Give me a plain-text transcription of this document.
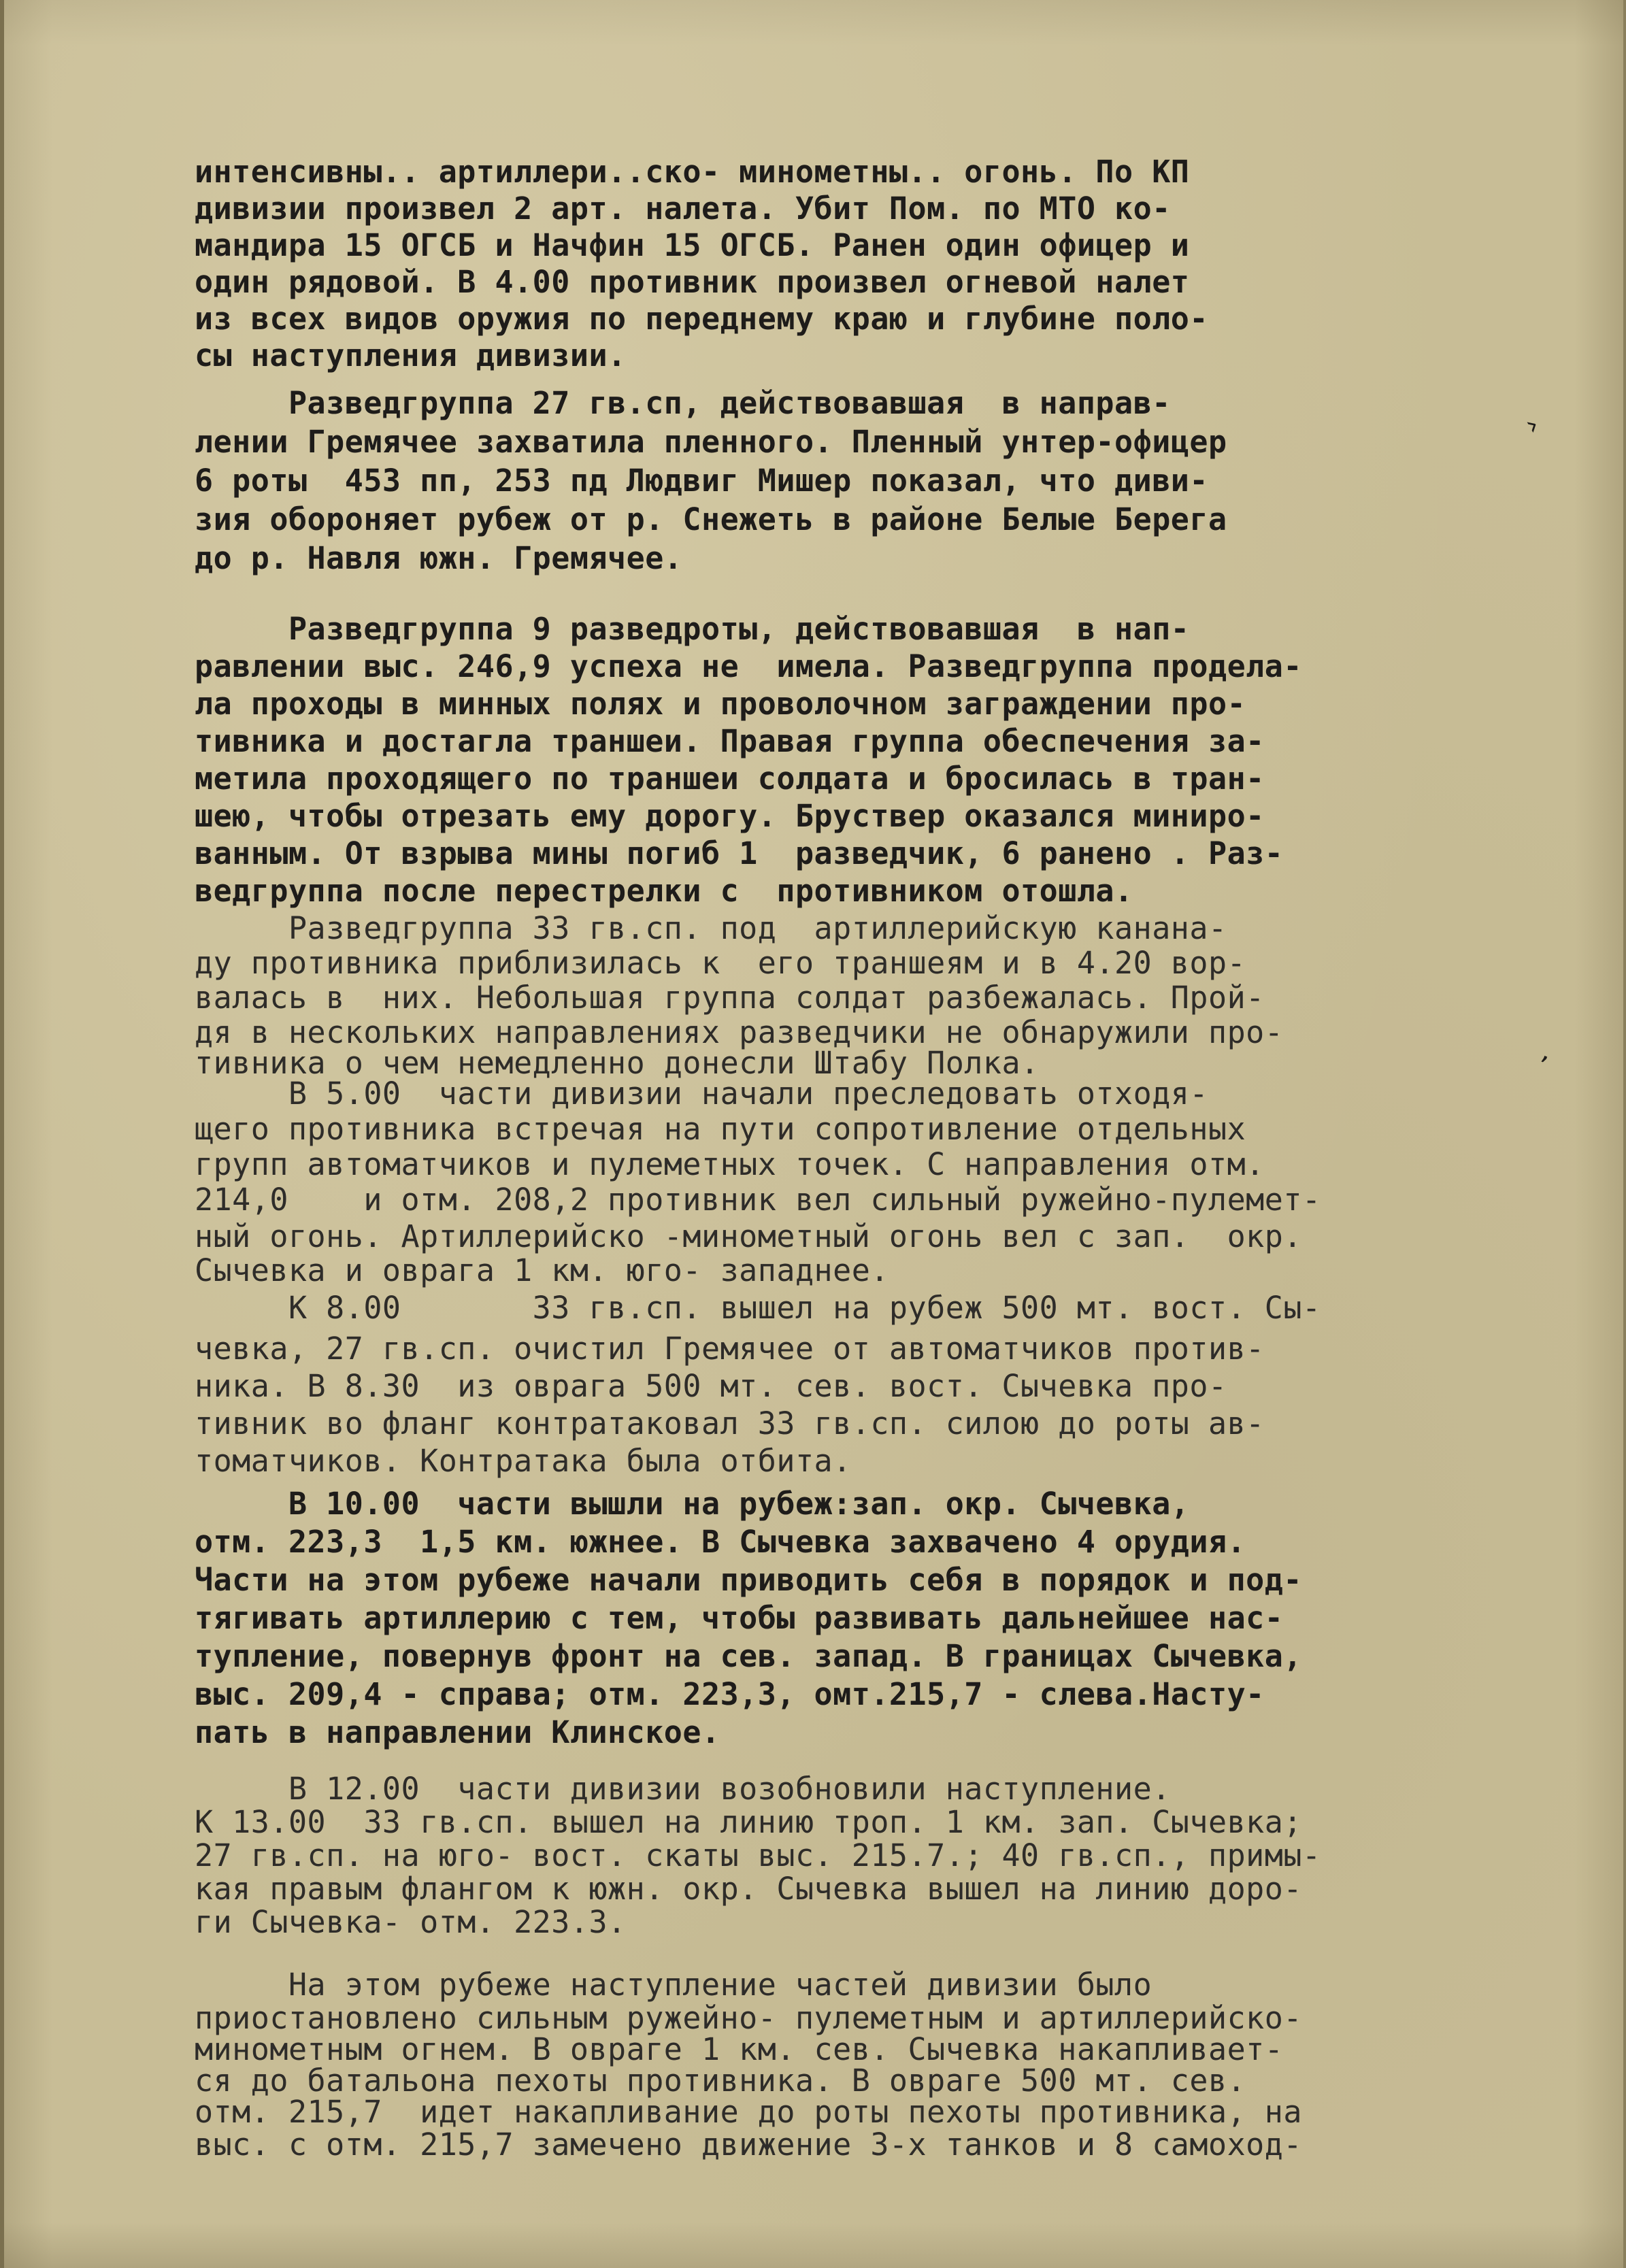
интенсивны.. артиллери..ско- минометны.. огонь. По КП
дивизии произвел 2 арт. налета. Убит Пом. по МТО ко-
мандира 15 ОГСБ и Начфин 15 ОГСБ. Ранен один офицер и
один рядовой. В 4.00 противник произвел огневой налет
из всех видов оружия по переднему краю и глубине поло-
сы наступления дивизии.
Разведгруппа 27 гв.сп, действовавшая  в направ-
лении Гремячее захватила пленного. Пленный унтер-офицер
6 роты  453 пп, 253 пд Людвиг Мишер показал, что диви-
зия обороняет рубеж от р. Снежеть в районе Белые Берега
до р. Навля южн. Гремячее.
Разведгруппа 9 разведроты, действовавшая  в нап-
равлении выс. 246,9 успеха не  имела. Разведгруппа продела-
ла проходы в минных полях и проволочном заграждении про-
тивника и достагла траншеи. Правая группа обеспечения за-
метила проходящего по траншеи солдата и бросилась в тран-
шею, чтобы отрезать ему дорогу. Бруствер оказался миниро-
ванным. От взрыва мины погиб 1  разведчик, 6 ранено . Раз-
ведгруппа после перестрелки с  противником отошла.
Разведгруппа 33 гв.сп. под  артиллерийскую канана-
ду противника приблизилась к  его траншеям и в 4.20 вор-
валась в  них. Небольшая группа солдат разбежалась. Прой-
дя в нескольких направлениях разведчики не обнаружили про-
тивника о чем немедленно донесли Штабу Полка.
В 5.00  части дивизии начали преследовать отходя-
щего противника встречая на пути сопротивление отдельных
групп автоматчиков и пулеметных точек. С направления отм.
214,0    и отм. 208,2 противник вел сильный ружейно-пулемет-
ный огонь. Артиллерийско -минометный огонь вел с зап.  окр.
Сычевка и оврага 1 км. юго- западнее.
К 8.00       33 гв.сп. вышел на рубеж 500 мт. вост. Сы-
чевка, 27 гв.сп. очистил Гремячее от автоматчиков против-
ника. В 8.30  из оврага 500 мт. сев. вост. Сычевка про-
тивник во фланг контратаковал 33 гв.сп. силою до роты ав-
томатчиков. Контратака была отбита.
В 10.00  части вышли на рубеж:зап. окр. Сычевка,
отм. 223,3  1,5 км. южнее. В Сычевка захвачено 4 орудия.
Части на этом рубеже начали приводить себя в порядок и под-
тягивать артиллерию с тем, чтобы развивать дальнейшее нас-
тупление, повернув фронт на сев. запад. В границах Сычевка,
выс. 209,4 - справа; отм. 223,3, омт.215,7 - слева.Насту-
пать в направлении Клинское.
В 12.00  части дивизии возобновили наступление.
К 13.00  33 гв.сп. вышел на линию троп. 1 км. зап. Сычевка;
27 гв.сп. на юго- вост. скаты выс. 215.7.; 40 гв.сп., примы-
кая правым флангом к южн. окр. Сычевка вышел на линию доро-
ги Сычевка- отм. 223.3.
На этом рубеже наступление частей дивизии было
приостановлено сильным ружейно- пулеметным и артиллерийско-
минометным огнем. В овраге 1 км. сев. Сычевка накапливает-
ся до батальона пехоты противника. В овраге 500 мт. сев.
отм. 215,7  идет накапливание до роты пехоты противника, на
выс. с отм. 215,7 замечено движение 3-х танков и 8 самоход-
›
‚
